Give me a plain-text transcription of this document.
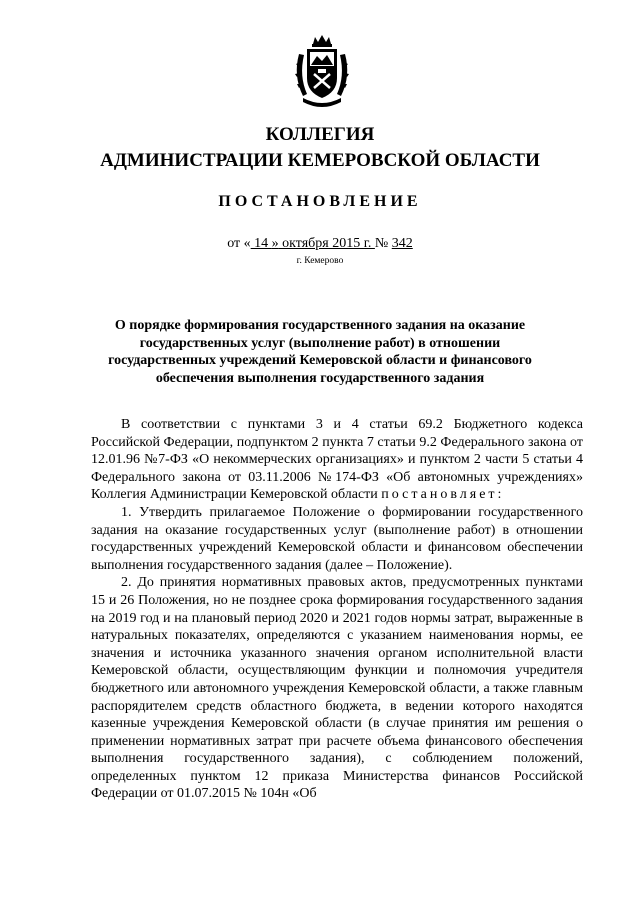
КОЛЛЕГИЯ
АДМИНИСТРАЦИИ КЕМЕРОВСКОЙ ОБЛАСТИ
ПОСТАНОВЛЕНИЕ
от « 14 » октября 2015 г. № 342
г. Кемерово
О порядке формирования государственного задания на оказание государственных услуг (выполнение работ) в отношении государственных учреждений Кемеровской области и финансового обеспечения выполнения государственного задания

В соответствии с пунктами 3 и 4 статьи 69.2 Бюджетного кодекса Российской Федерации, подпунктом 2 пункта 7 статьи 9.2 Федерального закона от 12.01.96 №7-ФЗ «О некоммерческих организациях» и пунктом 2 части 5 статьи 4 Федерального закона от 03.11.2006 №174-ФЗ «Об автономных учреждениях» Коллегия Администрации Кемеровской области постановляет:

1. Утвердить прилагаемое Положение о формировании государственного задания на оказание государственных услуг (выполнение работ) в отношении государственных учреждений Кемеровской области и финансовом обеспечении выполнения государственного задания (далее – Положение).

2. До принятия нормативных правовых актов, предусмотренных пунктами 15 и 26 Положения, но не позднее срока формирования государственного задания на 2019 год и на плановый период 2020 и 2021 годов нормы затрат, выраженные в натуральных показателях, определяются с указанием наименования нормы, ее значения и источника указанного значения органом исполнительной власти Кемеровской области, осуществляющим функции и полномочия учредителя бюджетного или автономного учреждения Кемеровской области, а также главным распорядителем средств областного бюджета, в ведении которого находятся казенные учреждения Кемеровской области (в случае принятия им решения о применении нормативных затрат при расчете объема финансового обеспечения выполнения государственного задания), с соблюдением положений, определенных пунктом 12 приказа Министерства финансов Российской Федерации от 01.07.2015 № 104н «Об
